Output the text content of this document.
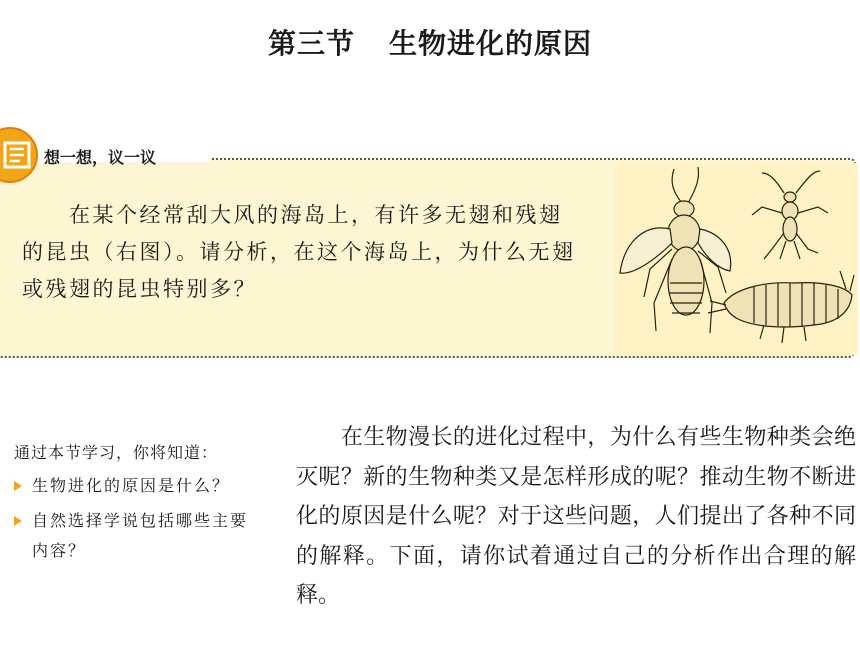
第三节 生物进化的原因
想一想，议一议

　　在某个经常刮大风的海岛上，有许多无翅和残翅的昆虫（右图）。请分析，在这个海岛上，为什么无翅或残翅的昆虫特别多？

通过本节学习，你将知道：

生物进化的原因是什么？
自然选择学说包括哪些主要内容？

　　在生物漫长的进化过程中，为什么有些生物种类会绝灭呢？新的生物种类又是怎样形成的呢？推动生物不断进化的原因是什么呢？对于这些问题，人们提出了各种不同的解释。下面，请你试着通过自己的分析作出合理的解释。
